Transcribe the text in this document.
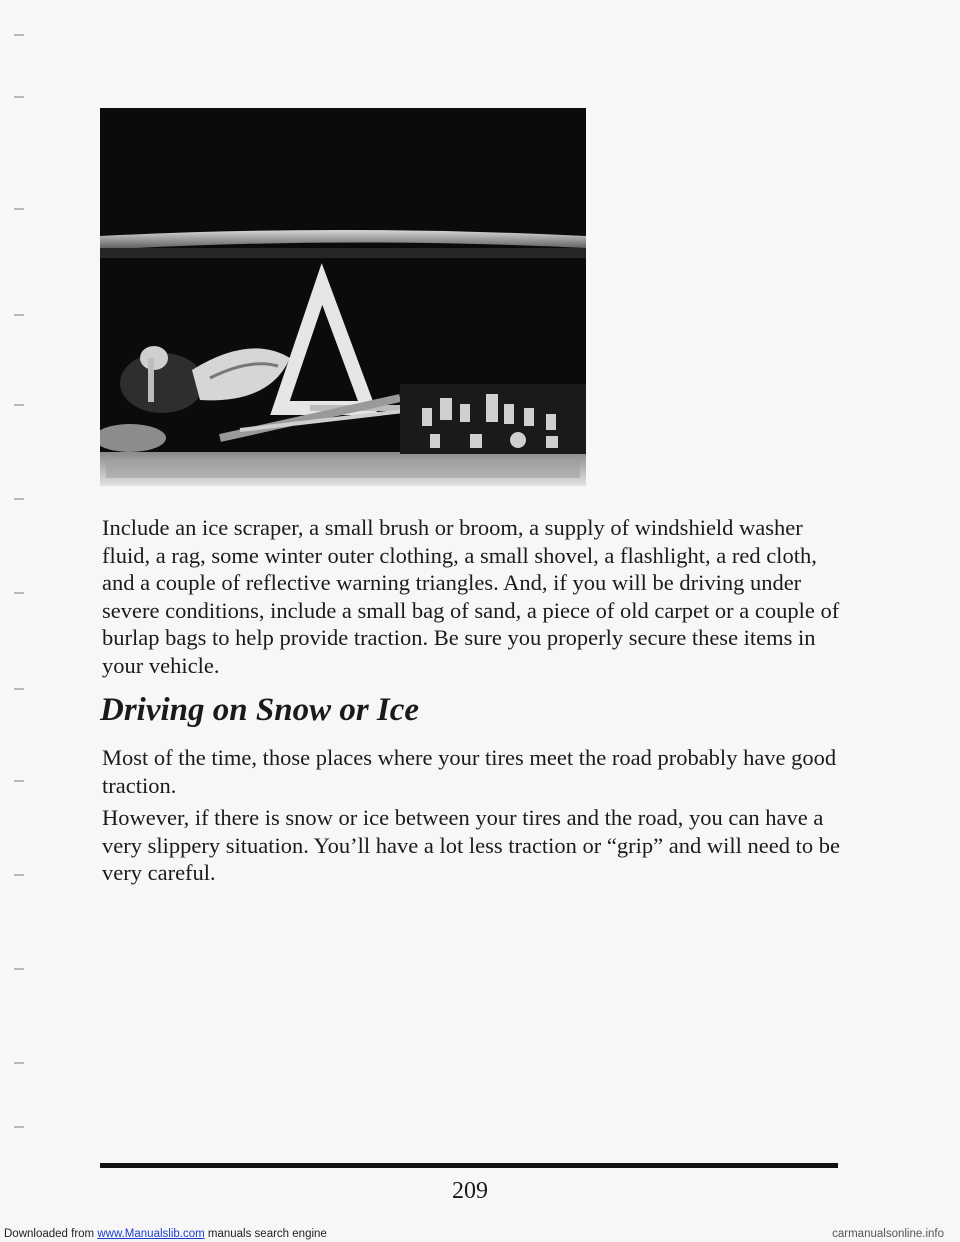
Include an ice scraper, a small brush or broom, a supply of windshield washer fluid, a rag, some winter outer clothing, a small shovel, a flashlight, a red cloth, and a couple of reflective warning triangles. And, if you will be driving under severe conditions, include a small bag of sand, a piece of old carpet or a couple of burlap bags to help provide traction. Be sure you properly secure these items in your vehicle.

Driving on Snow or Ice

Most of the time, those places where your tires meet the road probably have good traction.

However, if there is snow or ice between your tires and the road, you can have a very slippery situation. You’ll have a lot less traction or “grip” and will need to be very careful.

209
Downloaded from www.Manualslib.com manuals search engine	carmanualsonline.info
